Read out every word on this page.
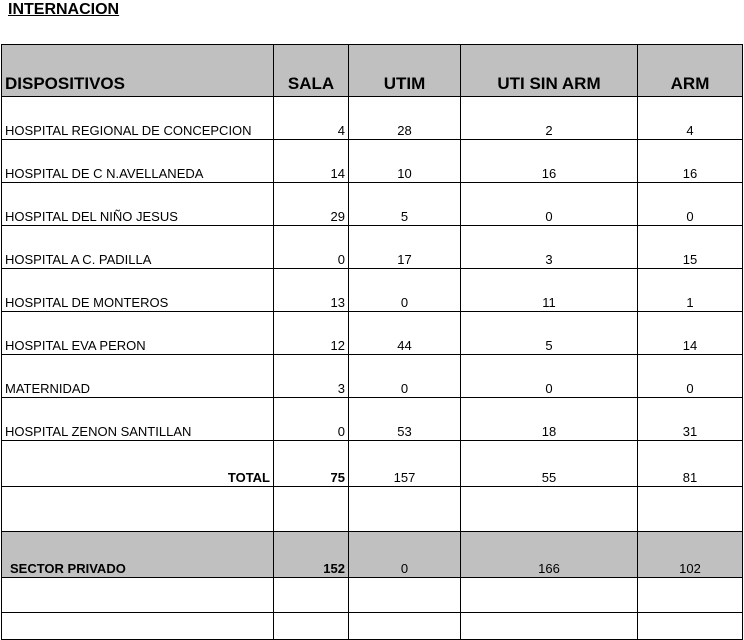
INTERNACION
DISPOSITIVOS	SALA	UTIM	UTI SIN ARM	ARM
HOSPITAL REGIONAL DE CONCEPCION	4	28	2	4
HOSPITAL DE C N.AVELLANEDA	14	10	16	16
HOSPITAL DEL NIÑO JESUS	29	5	0	0
HOSPITAL A C. PADILLA	0	17	3	15
HOSPITAL DE MONTEROS	13	0	11	1
HOSPITAL EVA PERON	12	44	5	14
MATERNIDAD	3	0	0	0
HOSPITAL ZENON SANTILLAN	0	53	18	31
TOTAL	75	157	55	81

SECTOR PRIVADO	152	0	166	102
